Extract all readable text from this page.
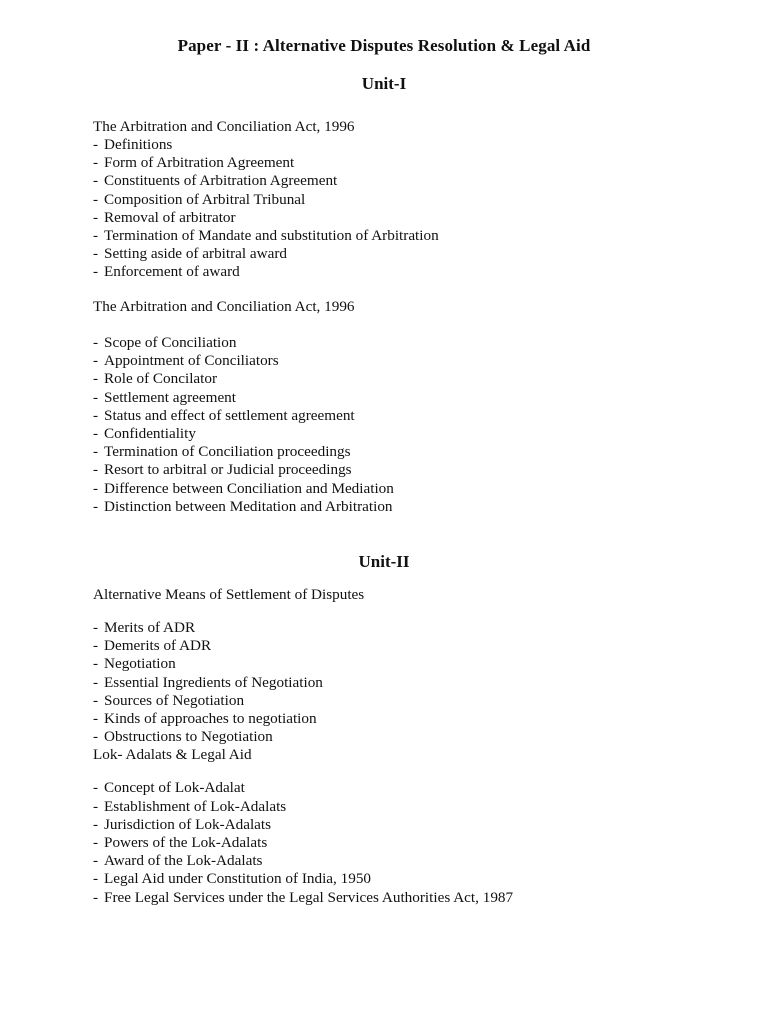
Paper - II : Alternative Disputes Resolution & Legal Aid
Unit-I

The Arbitration and Conciliation Act, 1996

- Definitions
- Form of Arbitration Agreement
- Constituents of Arbitration Agreement
- Composition of Arbitral Tribunal
- Removal of arbitrator
- Termination of Mandate and substitution of Arbitration
- Setting aside of arbitral award
- Enforcement of award

The Arbitration and Conciliation Act, 1996

- Scope of Conciliation
- Appointment of Conciliators
- Role of Concilator
- Settlement agreement
- Status and effect of settlement agreement
- Confidentiality
- Termination of Conciliation proceedings
- Resort to arbitral or Judicial proceedings
- Difference between Conciliation and Mediation
- Distinction between Meditation and Arbitration
Unit-II

Alternative Means of Settlement of Disputes

- Merits of ADR
- Demerits of ADR
- Negotiation
- Essential Ingredients of Negotiation
- Sources of Negotiation
- Kinds of approaches to negotiation
- Obstructions to Negotiation

Lok- Adalats & Legal Aid

- Concept of Lok-Adalat
- Establishment of Lok-Adalats
- Jurisdiction of Lok-Adalats
- Powers of the Lok-Adalats
- Award of the Lok-Adalats
- Legal Aid under Constitution of India, 1950
- Free Legal Services under the Legal Services Authorities Act, 1987
